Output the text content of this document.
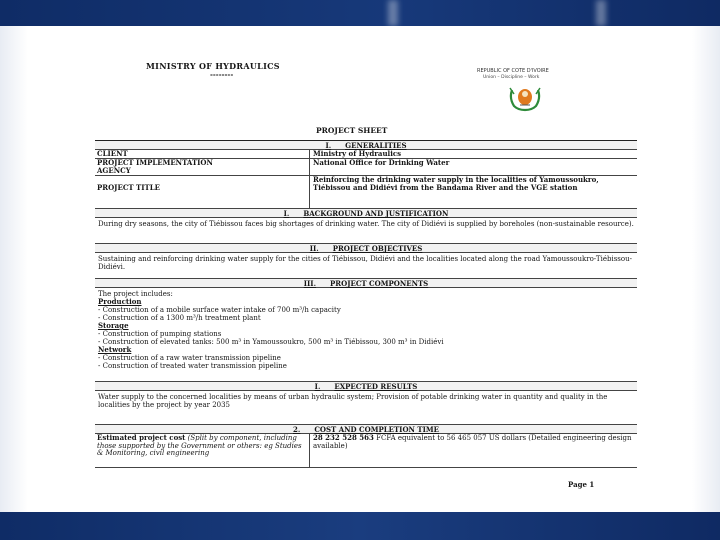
MINISTRY OF HYDRAULICS
--------	REPUBLIC OF COTE D'IVOIRE
Union – Discipline – Work
PROJECT SHEET
I. GENERALITIES
CLIENT	Ministry of Hydraulics
PROJECT IMPLEMENTATION
AGENCY
National Office for Drinking Water
PROJECT TITLE
Reinforcing the drinking water supply in the localities of Yamoussoukro, Tiébissou and Didiévi from the Bandama River and the VGE station
I. BACKGROUND AND JUSTIFICATION
During dry seasons, the city of Tiébissou faces big shortages of drinking water. The city of Didiévi is supplied by boreholes (non-sustainable resource).
II. PROJECT OBJECTIVES
Sustaining and reinforcing drinking water supply for the cities of Tiébissou, Didiévi and the localities located along the road Yamoussoukro-Tiébissou-Didiévi.
III. PROJECT COMPONENTS
The project includes:
Production
- Construction of a mobile surface water intake of 700 m³/h capacity
- Construction of a 1300 m³/h treatment plant
Storage
- Construction of pumping stations
- Construction of elevated tanks: 500 m³ in Yamoussoukro, 500 m³ in Tiébissou, 300 m³ in Didiévi
Network
- Construction of a raw water transmission pipeline
- Construction of treated water transmission pipeline
I. EXPECTED RESULTS
Water supply to the concerned localities by means of urban hydraulic system; Provision of potable drinking water in quantity and quality in the localities by the project by year 2035
2. COST AND COMPLETION TIME
Estimated project cost (Split by component, including those supported by the Government or others: eg Studies & Monitoring, civil engineering
28 232 528 563 FCFA equivalent to 56 465 057 US dollars (Detailed engineering design available)
Page 1
